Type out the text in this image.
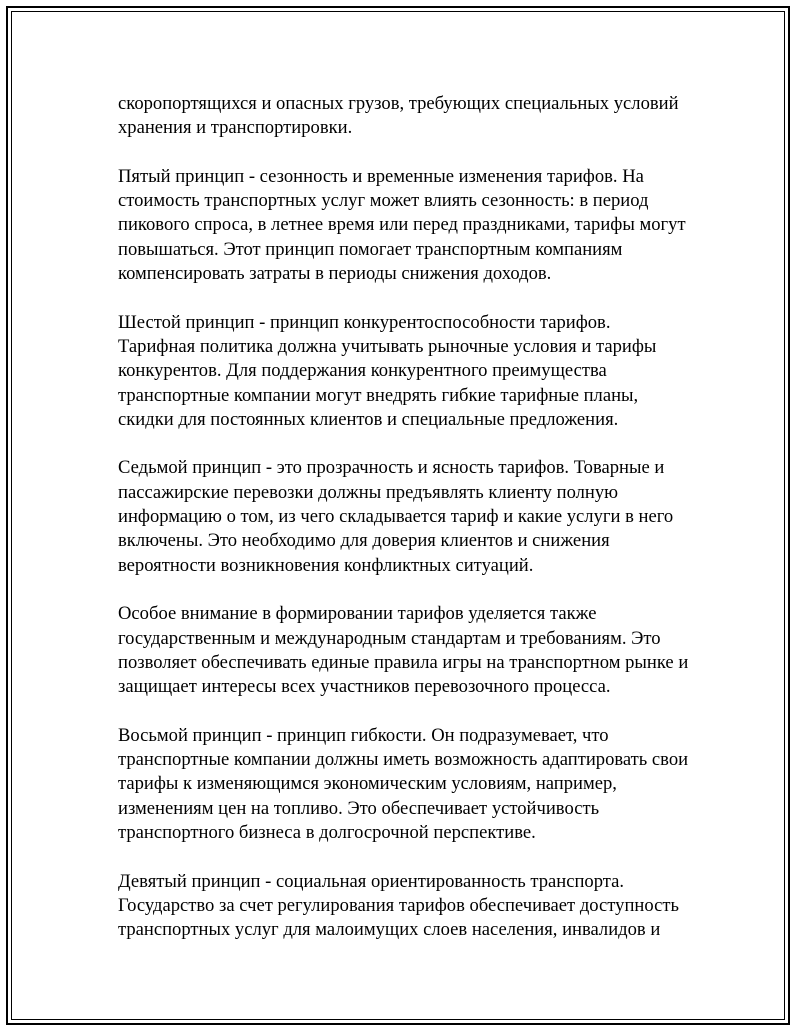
скоропортящихся и опасных грузов, требующих специальных условий
хранения и транспортировки.

Пятый принцип - сезонность и временные изменения тарифов. На
стоимость транспортных услуг может влиять сезонность: в период
пикового спроса, в летнее время или перед праздниками, тарифы могут
повышаться. Этот принцип помогает транспортным компаниям
компенсировать затраты в периоды снижения доходов.

Шестой принцип - принцип конкурентоспособности тарифов.
Тарифная политика должна учитывать рыночные условия и тарифы
конкурентов. Для поддержания конкурентного преимущества
транспортные компании могут внедрять гибкие тарифные планы,
скидки для постоянных клиентов и специальные предложения.

Седьмой принцип - это прозрачность и ясность тарифов. Товарные и
пассажирские перевозки должны предъявлять клиенту полную
информацию о том, из чего складывается тариф и какие услуги в него
включены. Это необходимо для доверия клиентов и снижения
вероятности возникновения конфликтных ситуаций.

Особое внимание в формировании тарифов уделяется также
государственным и международным стандартам и требованиям. Это
позволяет обеспечивать единые правила игры на транспортном рынке и
защищает интересы всех участников перевозочного процесса.

Восьмой принцип - принцип гибкости. Он подразумевает, что
транспортные компании должны иметь возможность адаптировать свои
тарифы к изменяющимся экономическим условиям, например,
изменениям цен на топливо. Это обеспечивает устойчивость
транспортного бизнеса в долгосрочной перспективе.

Девятый принцип - социальная ориентированность транспорта.
Государство за счет регулирования тарифов обеспечивает доступность
транспортных услуг для малоимущих слоев населения, инвалидов и
